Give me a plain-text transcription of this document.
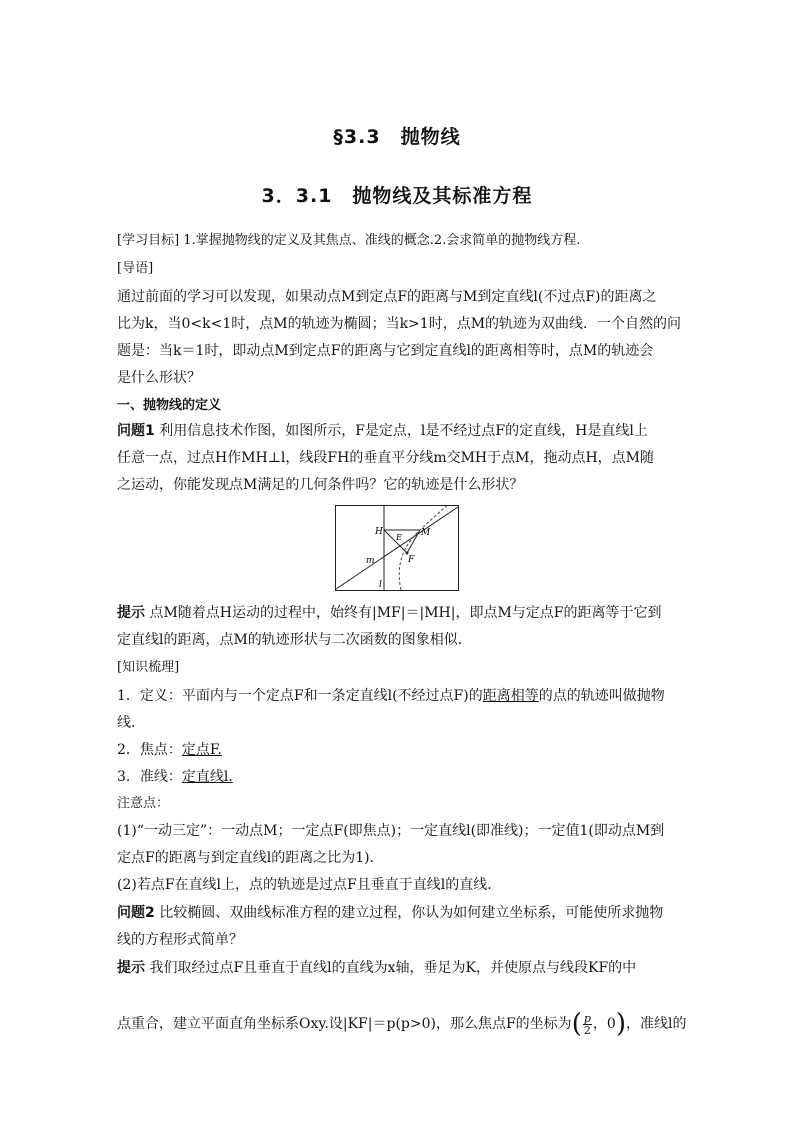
§3.3　抛物线
3．3.1　抛物线及其标准方程
[学习目标] 1.掌握抛物线的定义及其焦点、准线的概念.2.会求简单的抛物线方程.
[导语]
通过前面的学习可以发现，如果动点M到定点F的距离与M到定直线l(不过点F)的距离之
比为k，当0<k<1时，点M的轨迹为椭圆；当k>1时，点M的轨迹为双曲线．一个自然的问
题是：当k＝1时，即动点M到定点F的距离与它到定直线l的距离相等时，点M的轨迹会
是什么形状？
一、抛物线的定义
问题1 利用信息技术作图，如图所示，F是定点，l是不经过点F的定直线，H是直线l上
任意一点，过点H作MH⊥l，线段FH的垂直平分线m交MH于点M，拖动点H，点M随
之运动，你能发现点M满足的几何条件吗？它的轨迹是什么形状？
H	M
E
F
m
l
提示 点M随着点H运动的过程中，始终有|MF|＝|MH|，即点M与定点F的距离等于它到
定直线l的距离，点M的轨迹形状与二次函数的图象相似．
[知识梳理]
1．定义：平面内与一个定点F和一条定直线l(不经过点F)的距离相等的点的轨迹叫做抛物
线．
2．焦点：定点F.
3．准线：定直线l.
注意点：
(1)“一动三定”：一动点M；一定点F(即焦点)；一定直线l(即准线)；一定值1(即动点M到
定点F的距离与到定直线l的距离之比为1)．
(2)若点F在直线l上，点的轨迹是过点F且垂直于直线l的直线．
问题2 比较椭圆、双曲线标准方程的建立过程，你认为如何建立坐标系，可能使所求抛物
线的方程形式简单？
提示 我们取经过点F且垂直于直线l的直线为x轴，垂足为K，并使原点与线段KF的中
点重合，建立平面直角坐标系Oxy.设|KF|＝p(p>0)，那么焦点F的坐标为( $\frac{p}{2}$ ，0)，准线l的
